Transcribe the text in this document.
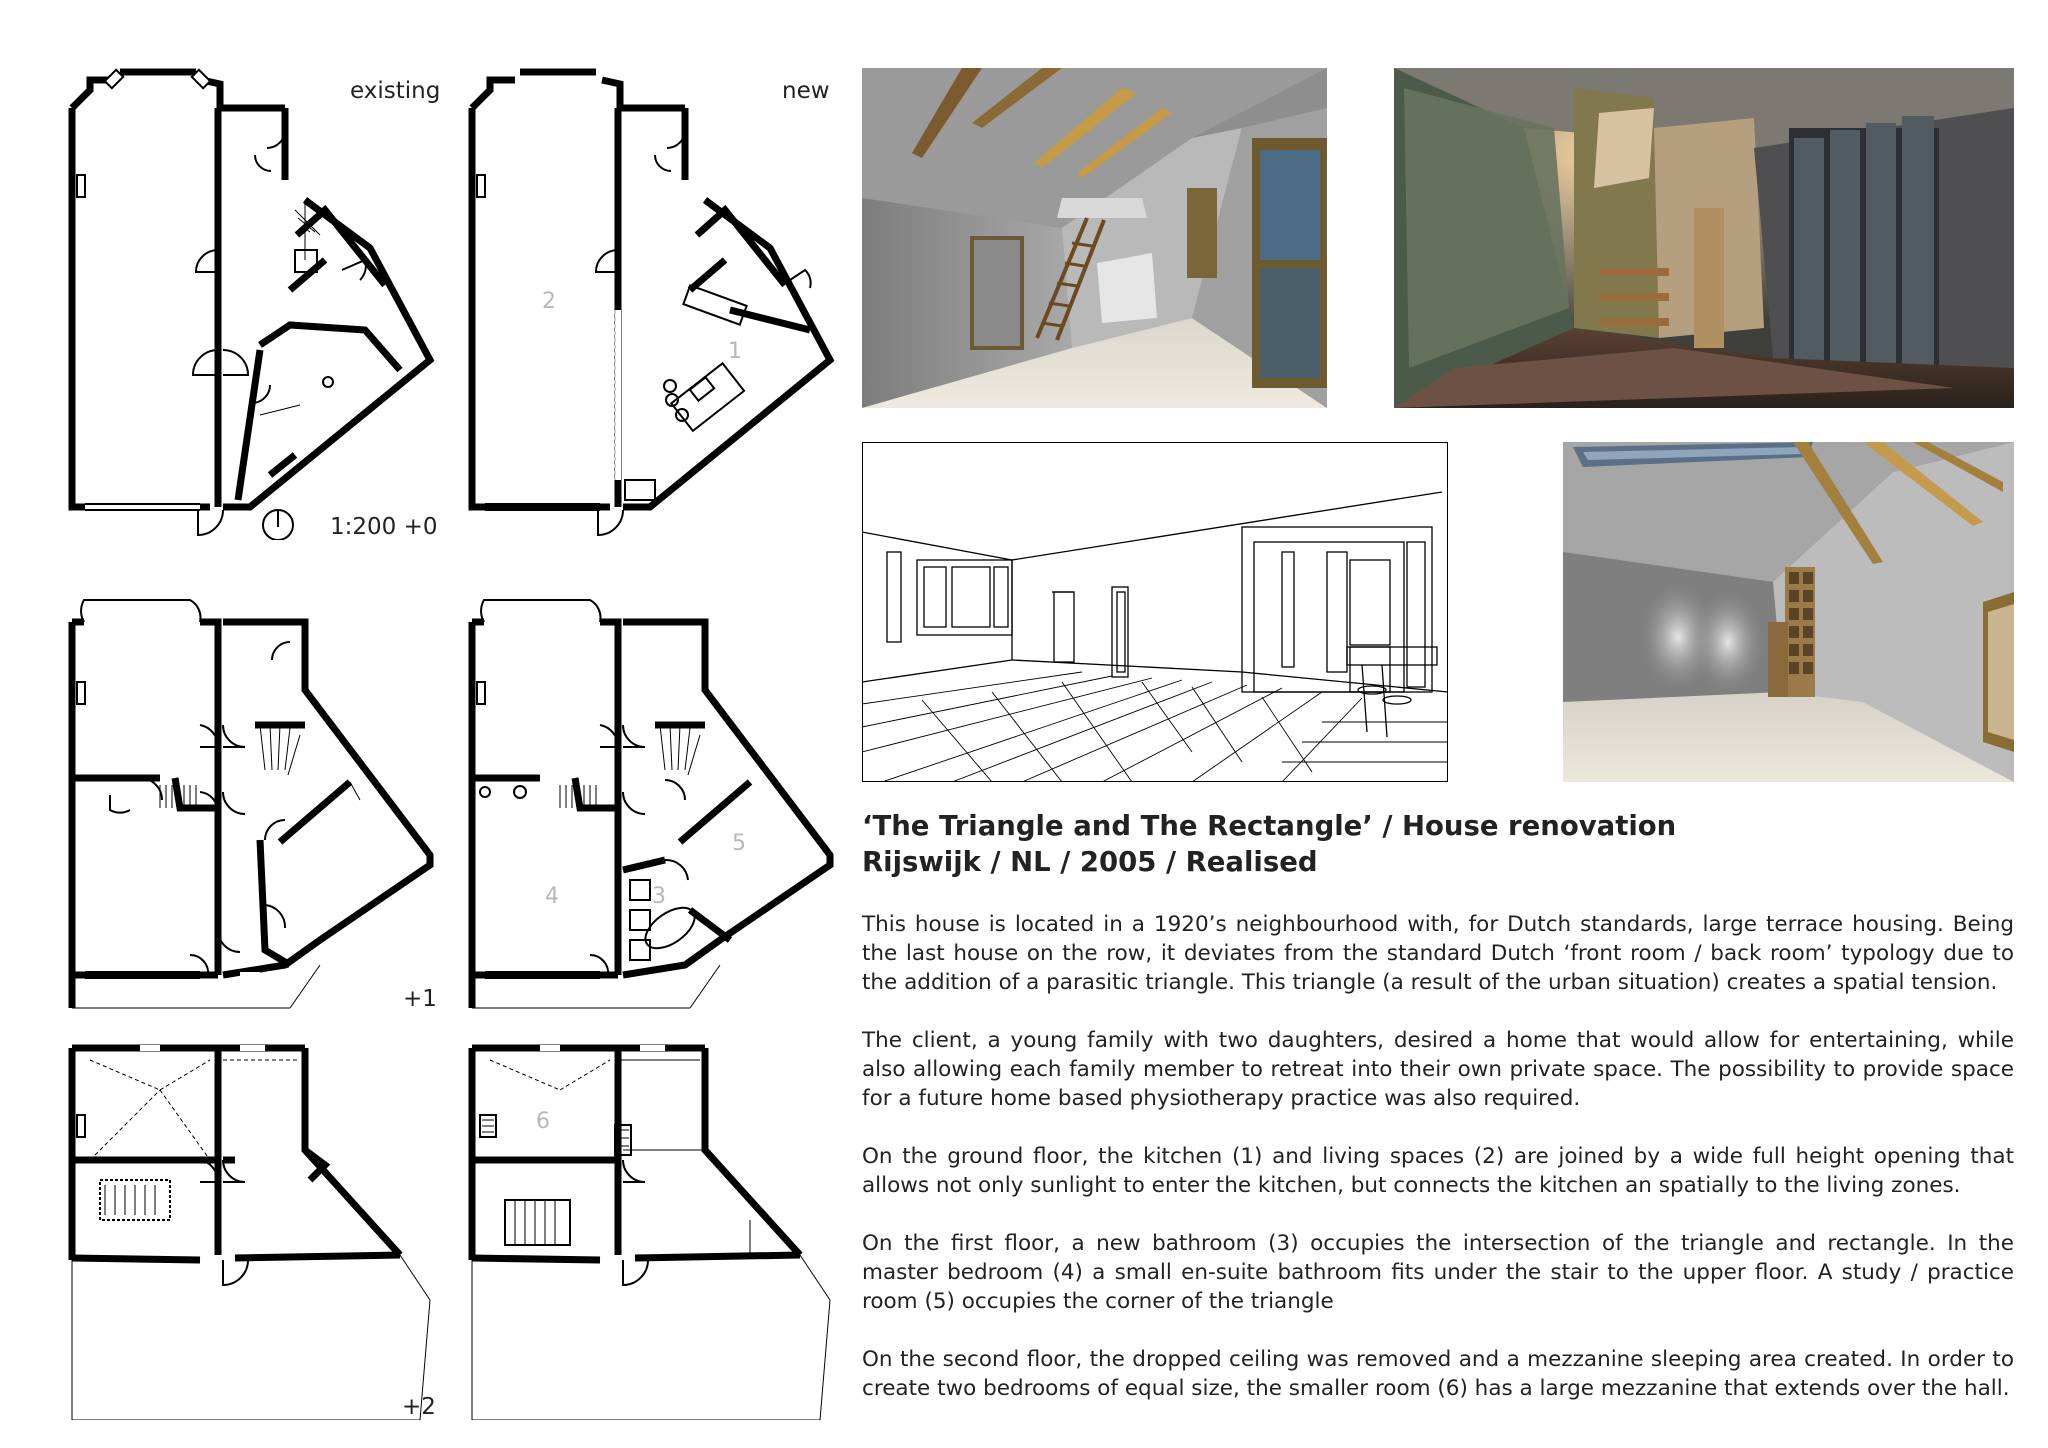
existing
1:200 +0
2
1
new
+1
4	3
5
+2
6
‘The Triangle and The Rectangle’ / House renovation
Rijswijk / NL / 2005 / Realised

This house is located in a 1920’s neighbourhood with, for Dutch standards, large terrace housing. Being the last house on the row, it deviates from the standard Dutch ‘front room / back room’ typology due to the addition of a parasitic triangle. This triangle (a result of the urban situation) creates a spatial tension.

The client, a young family with two daughters, desired a home that would allow for entertaining, while also allowing each family member to retreat into their own private space. The possibility to provide space for a future home based physiotherapy practice was also required.

On the ground floor, the kitchen (1) and living spaces (2) are joined by a wide full height opening that allows not only sunlight to enter the kitchen, but connects the kitchen an spatially to the living zones.

On the first floor, a new bathroom (3) occupies the intersection of the triangle and rectangle. In the master bedroom (4) a small en-suite bathroom fits under the stair to the upper floor. A study / practice room (5) occupies the corner of the triangle

On the second floor, the dropped ceiling was removed and a mezzanine sleeping area created. In order to create two bedrooms of equal size, the smaller room (6) has a large mezzanine that extends over the hall.
